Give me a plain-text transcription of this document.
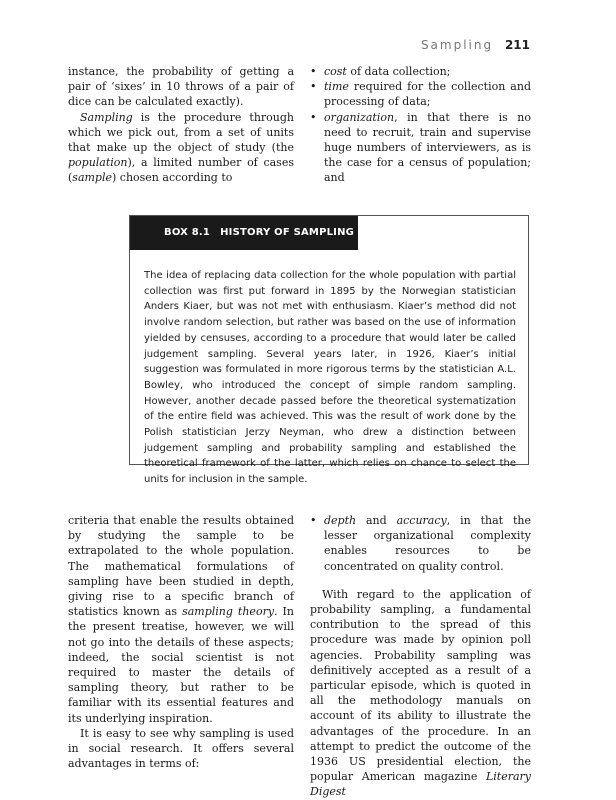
Sampling 211

instance, the probability of getting a pair of ‘sixes’ in 10 throws of a pair of dice can be calculated exactly).

Sampling is the procedure through which we pick out, from a set of units that make up the object of study (the population), a limited number of cases (sample) chosen according to

• cost of data collection;
• time required for the collection and processing of data;
• organization, in that there is no need to recruit, train and supervise huge numbers of interviewers, as is the case for a census of population; and
BOX 8.1 HISTORY OF SAMPLING
The idea of replacing data collection for the whole population with partial collection was first put forward in 1895 by the Norwegian statistician Anders Kiaer, but was not met with enthusiasm. Kiaer’s method did not involve random selection, but rather was based on the use of information yielded by censuses, according to a procedure that would later be called judgement sampling. Several years later, in 1926, Kiaer’s initial suggestion was formulated in more rigorous terms by the statistician A.L. Bowley, who introduced the concept of simple random sampling. However, another decade passed before the theoretical systematization of the entire field was achieved. This was the result of work done by the Polish statistician Jerzy Neyman, who drew a distinction between judgement sampling and probability sampling and established the theoretical framework of the latter, which relies on chance to select the units for inclusion in the sample.

criteria that enable the results obtained by studying the sample to be extrapolated to the whole population. The mathematical formulations of sampling have been studied in depth, giving rise to a specific branch of statistics known as sampling theory. In the present treatise, however, we will not go into the details of these aspects; indeed, the social scientist is not required to master the details of sampling theory, but rather to be familiar with its essential features and its underlying inspiration.

It is easy to see why sampling is used in social research. It offers several advantages in terms of:

• depth and accuracy, in that the lesser organizational complexity enables resources to be concentrated on quality control.

With regard to the application of probability sampling, a fundamental contribution to the spread of this procedure was made by opinion poll agencies. Probability sampling was definitively accepted as a result of a particular episode, which is quoted in all the methodology manuals on account of its ability to illustrate the advantages of the procedure. In an attempt to predict the outcome of the 1936 US presidential election, the popular American magazine Literary Digest
